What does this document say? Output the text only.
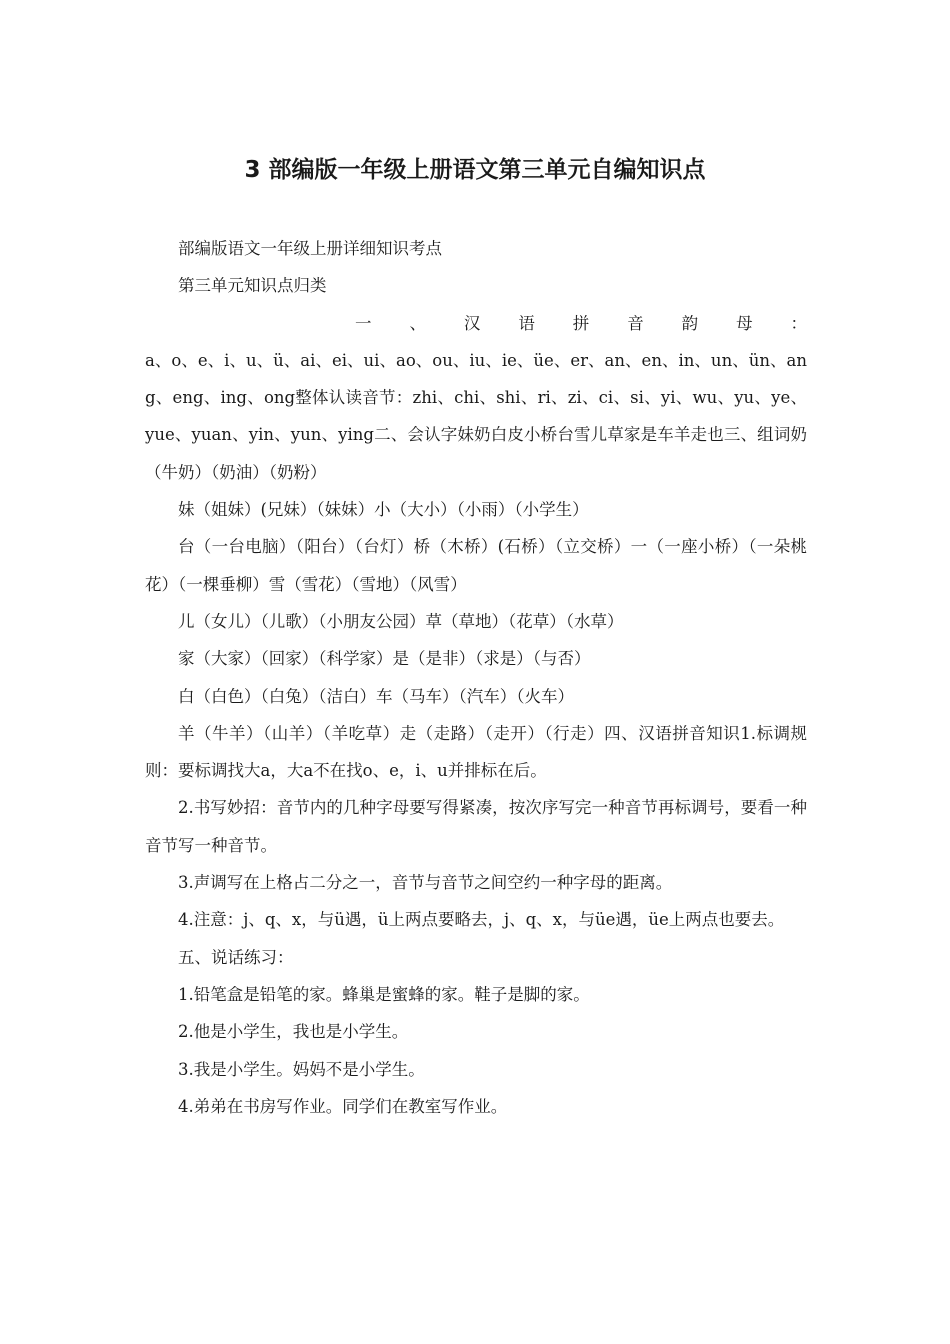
3 部编版一年级上册语文第三单元自编知识点

部编版语文一年级上册详细知识考点

第三单元知识点归类

一、汉语拼音韵母：

a、o、e、i、u、ü、ai、ei、ui、ao、ou、iu、ie、üe、er、an、en、in、un、ün、ang、eng、ing、ong整体认读音节：zhi、chi、shi、ri、zi、ci、si、yi、wu、yu、ye、yue、yuan、yin、yun、ying二、会认字妹奶白皮小桥台雪儿草家是车羊走也三、组词奶（牛奶）（奶油）（奶粉）

妹（姐妹）(兄妹）（妹妹）小（大小）（小雨）（小学生）

台（一台电脑）（阳台）（台灯）桥（木桥）(石桥）（立交桥）一（一座小桥）（一朵桃花）（一棵垂柳）雪（雪花）（雪地）（风雪）

儿（女儿）（儿歌）（小朋友公园）草（草地）（花草）（水草）

家（大家）（回家）（科学家）是（是非）（求是）（与否）

白（白色）（白兔）（洁白）车（马车）（汽车）（火车）

羊（牛羊）（山羊）（羊吃草）走（走路）（走开）（行走）四、汉语拼音知识1.标调规则：要标调找大a，大a不在找o、e，i、u并排标在后。

2.书写妙招：音节内的几种字母要写得紧凑，按次序写完一种音节再标调号，要看一种音节写一种音节。

3.声调写在上格占二分之一，音节与音节之间空约一种字母的距离。

4.注意：j、q、x，与ü遇，ü上两点要略去，j、q、x，与üe遇，üe上两点也要去。

五、说话练习：

1.铅笔盒是铅笔的家。蜂巢是蜜蜂的家。鞋子是脚的家。

2.他是小学生，我也是小学生。

3.我是小学生。妈妈不是小学生。

4.弟弟在书房写作业。同学们在教室写作业。
